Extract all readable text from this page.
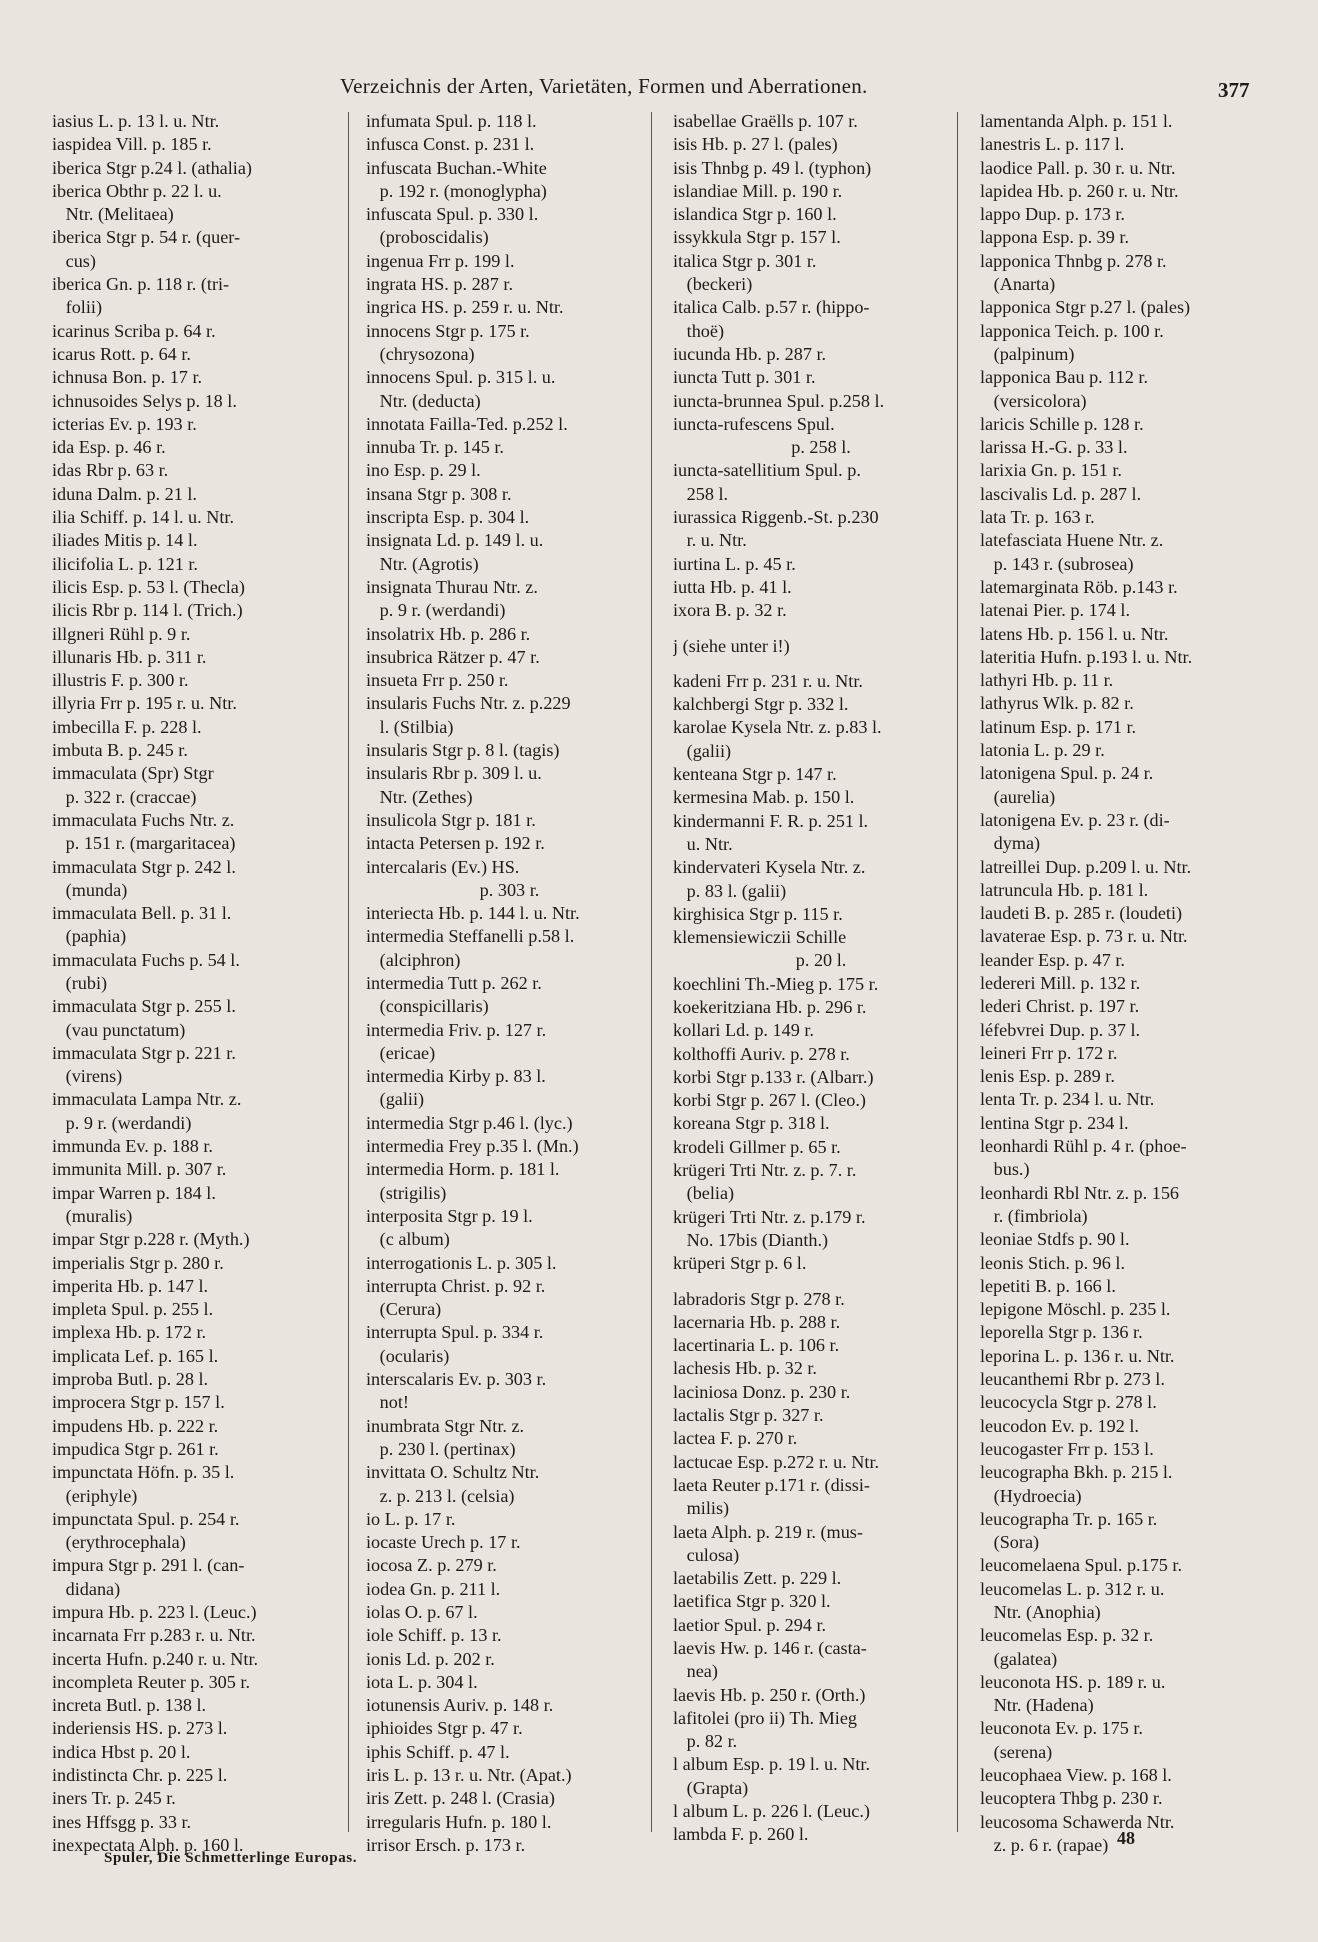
Verzeichnis der Arten, Varietäten, Formen und Aberrationen.	377
iasius L. p. 13 l. u. Ntr.
iaspidea Vill. p. 185 r.
iberica Stgr p.24 l. (athalia)
iberica Obthr p. 22 l. u.
Ntr. (Melitaea)
iberica Stgr p. 54 r. (quer-
cus)
iberica Gn. p. 118 r. (tri-
folii)
icarinus Scriba p. 64 r.
icarus Rott. p. 64 r.
ichnusa Bon. p. 17 r.
ichnusoides Selys p. 18 l.
icterias Ev. p. 193 r.
ida Esp. p. 46 r.
idas Rbr p. 63 r.
iduna Dalm. p. 21 l.
ilia Schiff. p. 14 l. u. Ntr.
iliades Mitis p. 14 l.
ilicifolia L. p. 121 r.
ilicis Esp. p. 53 l. (Thecla)
ilicis Rbr p. 114 l. (Trich.)
illgneri Rühl p. 9 r.
illunaris Hb. p. 311 r.
illustris F. p. 300 r.
illyria Frr p. 195 r. u. Ntr.
imbecilla F. p. 228 l.
imbuta B. p. 245 r.
immaculata (Spr) Stgr
p. 322 r. (craccae)
immaculata Fuchs Ntr. z.
p. 151 r. (margaritacea)
immaculata Stgr p. 242 l.
(munda)
immaculata Bell. p. 31 l.
(paphia)
immaculata Fuchs p. 54 l.
(rubi)
immaculata Stgr p. 255 l.
(vau punctatum)
immaculata Stgr p. 221 r.
(virens)
immaculata Lampa Ntr. z.
p. 9 r. (werdandi)
immunda Ev. p. 188 r.
immunita Mill. p. 307 r.
impar Warren p. 184 l.
(muralis)
impar Stgr p.228 r. (Myth.)
imperialis Stgr p. 280 r.
imperita Hb. p. 147 l.
impleta Spul. p. 255 l.
implexa Hb. p. 172 r.
implicata Lef. p. 165 l.
improba Butl. p. 28 l.
improcera Stgr p. 157 l.
impudens Hb. p. 222 r.
impudica Stgr p. 261 r.
impunctata Höfn. p. 35 l.
(eriphyle)
impunctata Spul. p. 254 r.
(erythrocephala)
impura Stgr p. 291 l. (can-
didana)
impura Hb. p. 223 l. (Leuc.)
incarnata Frr p.283 r. u. Ntr.
incerta Hufn. p.240 r. u. Ntr.
incompleta Reuter p. 305 r.
increta Butl. p. 138 l.
inderiensis HS. p. 273 l.
indica Hbst p. 20 l.
indistincta Chr. p. 225 l.
iners Tr. p. 245 r.
ines Hffsgg p. 33 r.
inexpectata Alph. p. 160 l.
infumata Spul. p. 118 l.
infusca Const. p. 231 l.
infuscata Buchan.-White
p. 192 r. (monoglypha)
infuscata Spul. p. 330 l.
(proboscidalis)
ingenua Frr p. 199 l.
ingrata HS. p. 287 r.
ingrica HS. p. 259 r. u. Ntr.
innocens Stgr p. 175 r.
(chrysozona)
innocens Spul. p. 315 l. u.
Ntr. (deducta)
innotata Failla-Ted. p.252 l.
innuba Tr. p. 145 r.
ino Esp. p. 29 l.
insana Stgr p. 308 r.
inscripta Esp. p. 304 l.
insignata Ld. p. 149 l. u.
Ntr. (Agrotis)
insignata Thurau Ntr. z.
p. 9 r. (werdandi)
insolatrix Hb. p. 286 r.
insubrica Rätzer p. 47 r.
insueta Frr p. 250 r.
insularis Fuchs Ntr. z. p.229
l. (Stilbia)
insularis Stgr p. 8 l. (tagis)
insularis Rbr p. 309 l. u.
Ntr. (Zethes)
insulicola Stgr p. 181 r.
intacta Petersen p. 192 r.
intercalaris (Ev.) HS.
p. 303 r.
interiecta Hb. p. 144 l. u. Ntr.
intermedia Steffanelli p.58 l.
(alciphron)
intermedia Tutt p. 262 r.
(conspicillaris)
intermedia Friv. p. 127 r.
(ericae)
intermedia Kirby p. 83 l.
(galii)
intermedia Stgr p.46 l. (lyc.)
intermedia Frey p.35 l. (Mn.)
intermedia Horm. p. 181 l.
(strigilis)
interposita Stgr p. 19 l.
(c album)
interrogationis L. p. 305 l.
interrupta Christ. p. 92 r.
(Cerura)
interrupta Spul. p. 334 r.
(ocularis)
interscalaris Ev. p. 303 r.
not!
inumbrata Stgr Ntr. z.
p. 230 l. (pertinax)
invittata O. Schultz Ntr.
z. p. 213 l. (celsia)
io L. p. 17 r.
iocaste Urech p. 17 r.
iocosa Z. p. 279 r.
iodea Gn. p. 211 l.
iolas O. p. 67 l.
iole Schiff. p. 13 r.
ionis Ld. p. 202 r.
iota L. p. 304 l.
iotunensis Auriv. p. 148 r.
iphioides Stgr p. 47 r.
iphis Schiff. p. 47 l.
iris L. p. 13 r. u. Ntr. (Apat.)
iris Zett. p. 248 l. (Crasia)
irregularis Hufn. p. 180 l.
irrisor Ersch. p. 173 r.
isabellae Graëlls p. 107 r.
isis Hb. p. 27 l. (pales)
isis Thnbg p. 49 l. (typhon)
islandiae Mill. p. 190 r.
islandica Stgr p. 160 l.
issykkula Stgr p. 157 l.
italica Stgr p. 301 r.
(beckeri)
italica Calb. p.57 r. (hippo-
thoë)
iucunda Hb. p. 287 r.
iuncta Tutt p. 301 r.
iuncta-brunnea Spul. p.258 l.
iuncta-rufescens Spul.
p. 258 l.
iuncta-satellitium Spul. p.
258 l.
iurassica Riggenb.-St. p.230
r. u. Ntr.
iurtina L. p. 45 r.
iutta Hb. p. 41 l.
ixora B. p. 32 r.
j (siehe unter i!)
kadeni Frr p. 231 r. u. Ntr.
kalchbergi Stgr p. 332 l.
karolae Kysela Ntr. z. p.83 l.
(galii)
kenteana Stgr p. 147 r.
kermesina Mab. p. 150 l.
kindermanni F. R. p. 251 l.
u. Ntr.
kindervateri Kysela Ntr. z.
p. 83 l. (galii)
kirghisica Stgr p. 115 r.
klemensiewiczii Schille
p. 20 l.
koechlini Th.-Mieg p. 175 r.
koekeritziana Hb. p. 296 r.
kollari Ld. p. 149 r.
kolthoffi Auriv. p. 278 r.
korbi Stgr p.133 r. (Albarr.)
korbi Stgr p. 267 l. (Cleo.)
koreana Stgr p. 318 l.
krodeli Gillmer p. 65 r.
krügeri Trti Ntr. z. p. 7. r.
(belia)
krügeri Trti Ntr. z. p.179 r.
No. 17bis (Dianth.)
krüperi Stgr p. 6 l.
labradoris Stgr p. 278 r.
lacernaria Hb. p. 288 r.
lacertinaria L. p. 106 r.
lachesis Hb. p. 32 r.
laciniosa Donz. p. 230 r.
lactalis Stgr p. 327 r.
lactea F. p. 270 r.
lactucae Esp. p.272 r. u. Ntr.
laeta Reuter p.171 r. (dissi-
milis)
laeta Alph. p. 219 r. (mus-
culosa)
laetabilis Zett. p. 229 l.
laetifica Stgr p. 320 l.
laetior Spul. p. 294 r.
laevis Hw. p. 146 r. (casta-
nea)
laevis Hb. p. 250 r. (Orth.)
lafitolei (pro ii) Th. Mieg
p. 82 r.
l album Esp. p. 19 l. u. Ntr.
(Grapta)
l album L. p. 226 l. (Leuc.)
lambda F. p. 260 l.
lamentanda Alph. p. 151 l.
lanestris L. p. 117 l.
laodice Pall. p. 30 r. u. Ntr.
lapidea Hb. p. 260 r. u. Ntr.
lappo Dup. p. 173 r.
lappona Esp. p. 39 r.
lapponica Thnbg p. 278 r.
(Anarta)
lapponica Stgr p.27 l. (pales)
lapponica Teich. p. 100 r.
(palpinum)
lapponica Bau p. 112 r.
(versicolora)
laricis Schille p. 128 r.
larissa H.-G. p. 33 l.
larixia Gn. p. 151 r.
lascivalis Ld. p. 287 l.
lata Tr. p. 163 r.
latefasciata Huene Ntr. z.
p. 143 r. (subrosea)
latemarginata Röb. p.143 r.
latenai Pier. p. 174 l.
latens Hb. p. 156 l. u. Ntr.
lateritia Hufn. p.193 l. u. Ntr.
lathyri Hb. p. 11 r.
lathyrus Wlk. p. 82 r.
latinum Esp. p. 171 r.
latonia L. p. 29 r.
latonigena Spul. p. 24 r.
(aurelia)
latonigena Ev. p. 23 r. (di-
dyma)
latreillei Dup. p.209 l. u. Ntr.
latruncula Hb. p. 181 l.
laudeti B. p. 285 r. (loudeti)
lavaterae Esp. p. 73 r. u. Ntr.
leander Esp. p. 47 r.
ledereri Mill. p. 132 r.
lederi Christ. p. 197 r.
léfebvrei Dup. p. 37 l.
leineri Frr p. 172 r.
lenis Esp. p. 289 r.
lenta Tr. p. 234 l. u. Ntr.
lentina Stgr p. 234 l.
leonhardi Rühl p. 4 r. (phoe-
bus.)
leonhardi Rbl Ntr. z. p. 156
r. (fimbriola)
leoniae Stdfs p. 90 l.
leonis Stich. p. 96 l.
lepetiti B. p. 166 l.
lepigone Möschl. p. 235 l.
leporella Stgr p. 136 r.
leporina L. p. 136 r. u. Ntr.
leucanthemi Rbr p. 273 l.
leucocycla Stgr p. 278 l.
leucodon Ev. p. 192 l.
leucogaster Frr p. 153 l.
leucographa Bkh. p. 215 l.
(Hydroecia)
leucographa Tr. p. 165 r.
(Sora)
leucomelaena Spul. p.175 r.
leucomelas L. p. 312 r. u.
Ntr. (Anophia)
leucomelas Esp. p. 32 r.
(galatea)
leuconota HS. p. 189 r. u.
Ntr. (Hadena)
leuconota Ev. p. 175 r.
(serena)
leucophaea View. p. 168 l.
leucoptera Thbg p. 230 r.
leucosoma Schawerda Ntr.
z. p. 6 r. (rapae) 48
Spuler, Die Schmetterlinge Europas.
